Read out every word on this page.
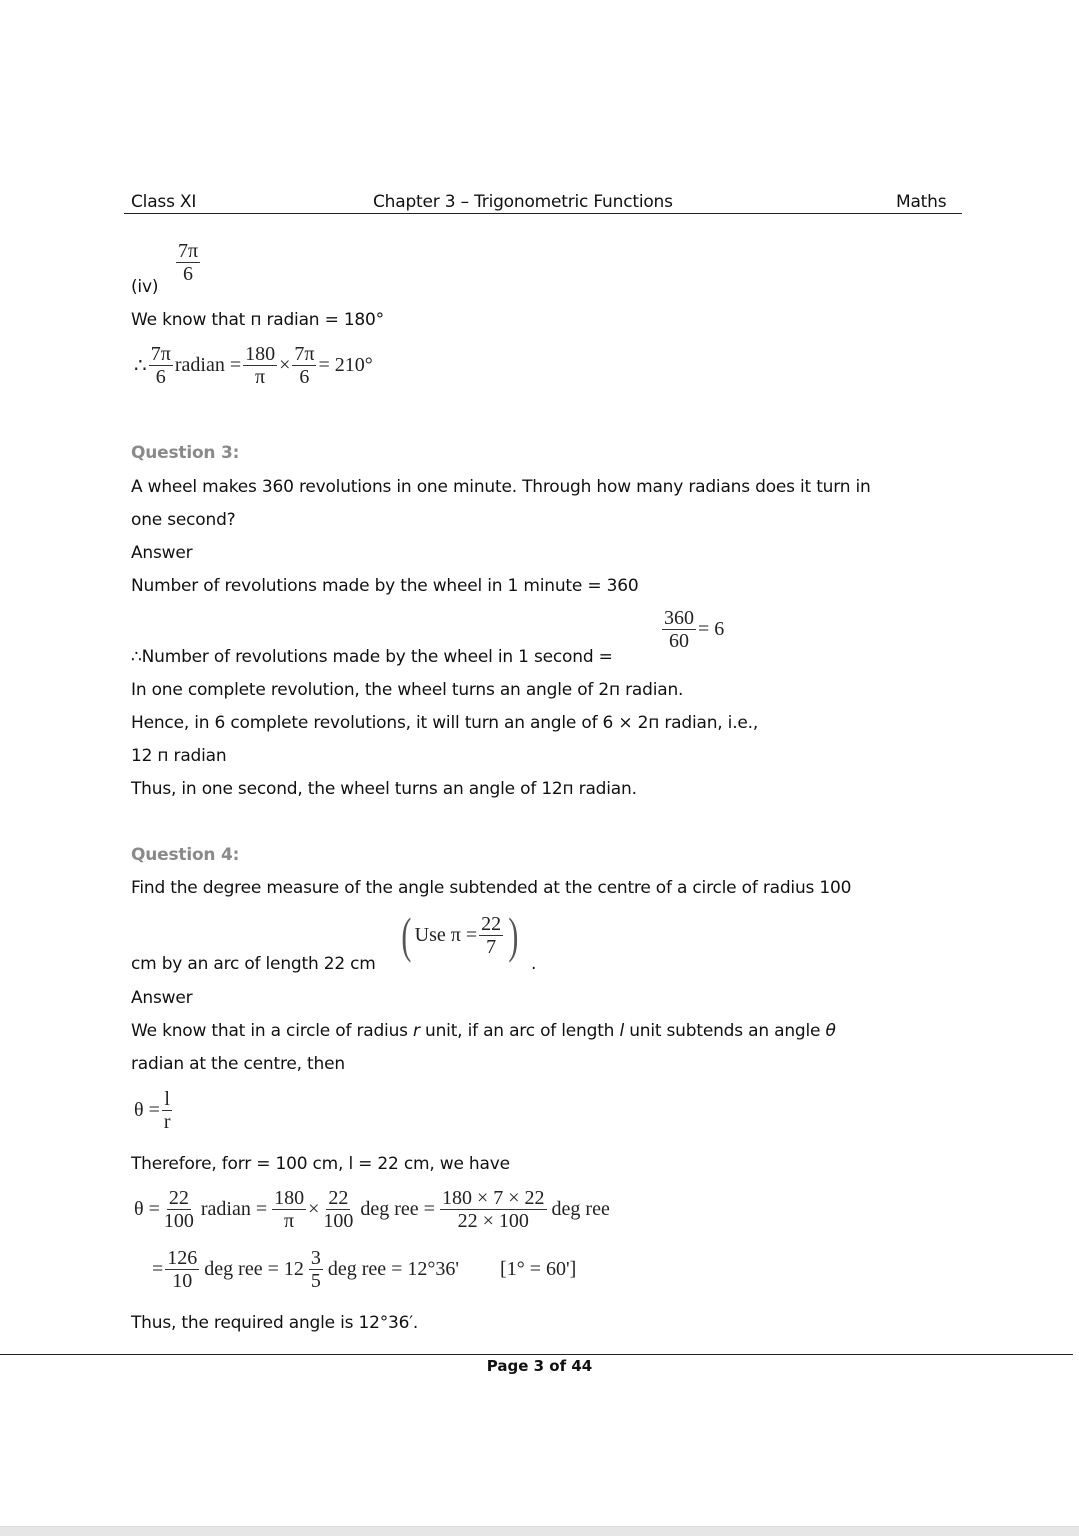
Class XI	Chapter 3 – Trigonometric Functions	Maths
(iv)
$\frac{7\pi}{6}$
We know that п radian = 180°
∴ $\frac{7\pi}{6}$ radian = $\frac{180}{\pi} \times \frac{7\pi}{6} = 210^\circ$
Question 3:
A wheel makes 360 revolutions in one minute. Through how many radians does it turn in
one second?
Answer
Number of revolutions made by the wheel in 1 minute = 360
∴Number of revolutions made by the wheel in 1 second =
$\frac{360}{60} = 6$
In one complete revolution, the wheel turns an angle of 2п radian.
Hence, in 6 complete revolutions, it will turn an angle of 6 × 2п radian, i.e.,
12 п radian
Thus, in one second, the wheel turns an angle of 12п radian.
Question 4:
Find the degree measure of the angle subtended at the centre of a circle of radius 100
cm by an arc of length 22 cm
( Use $\pi = \frac{22}{7}$ )
.
Answer
We know that in a circle of radius r unit, if an arc of length l unit subtends an angle θ
radian at the centre, then
$\theta = \frac{l}{r}$
Therefore, forr = 100 cm, l = 22 cm, we have
$\theta = \frac{22}{100}$ radian = $\frac{180}{\pi} \times \frac{22}{100}$ deg ree = $\frac{180 \times 7 \times 22}{22 \times 100}$ deg ree
= $\frac{126}{10}$ deg ree = $12 \frac{3}{5}$ deg ree = 12°36' [1° = 60']
Thus, the required angle is 12°36′.
Page 3 of 44
